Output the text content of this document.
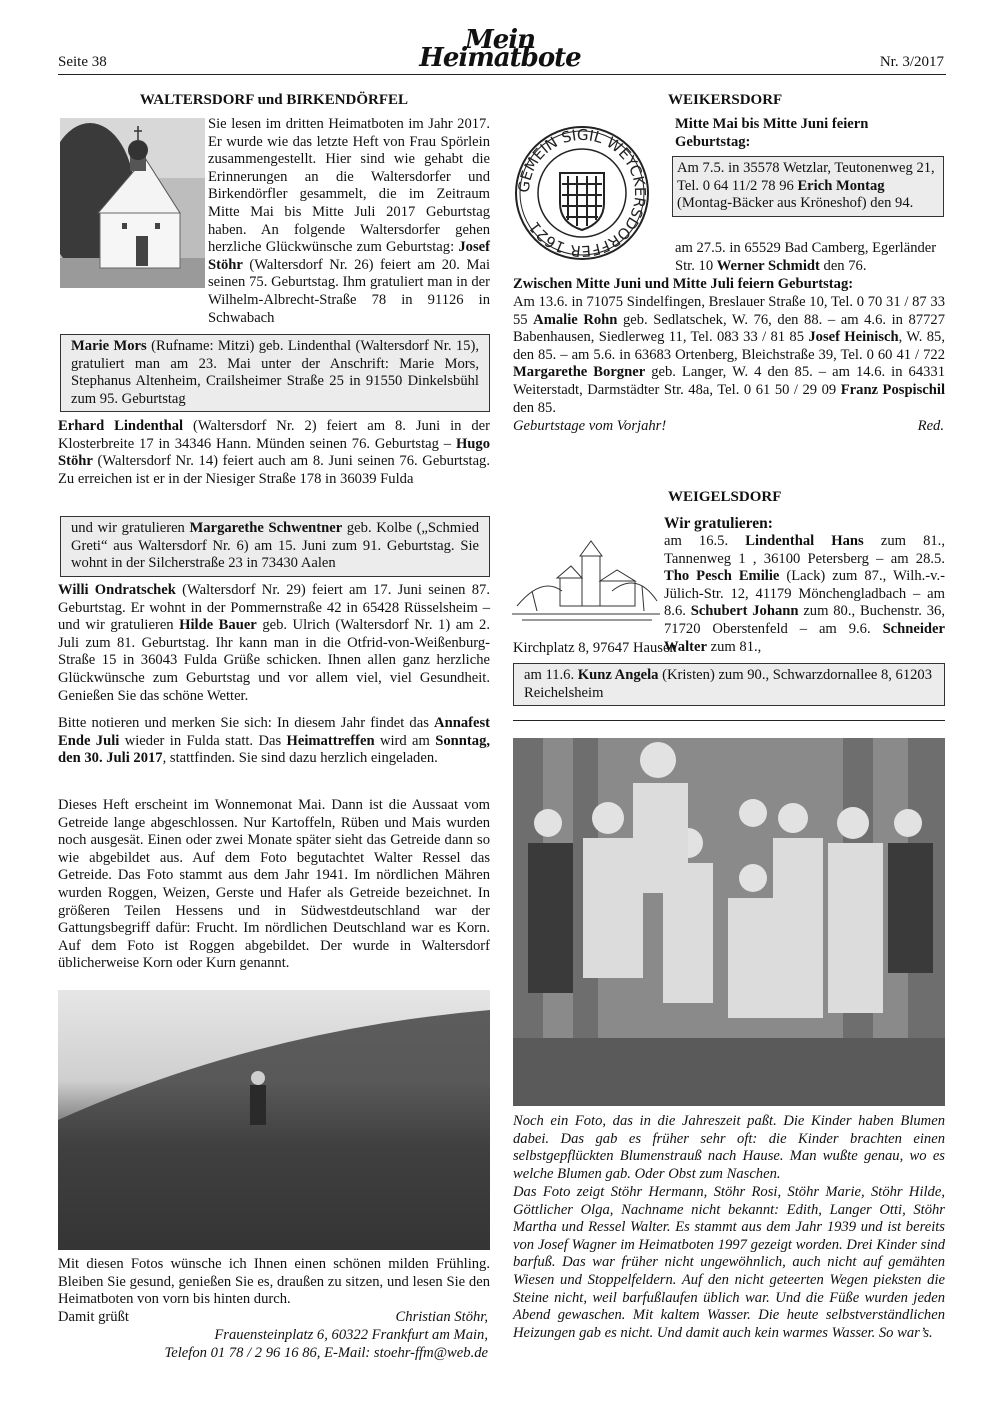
Seite 38
Mein Heimatbote	Nr. 3/2017
WALTERSDORF und BIRKENDÖRFEL

Sie lesen im dritten Heimatboten im Jahr 2017. Er wurde wie das letzte Heft von Frau Spörlein zusammengestellt. Hier sind wie gehabt die Erinnerungen an die Waltersdorfer und Birkendörfler gesammelt, die im Zeitraum Mitte Mai bis Mitte Juli 2017 Geburtstag haben. An folgende Waltersdorfer gehen herzliche Glückwünsche zum Geburtstag: Josef Stöhr (Waltersdorf Nr. 26) feiert am 20. Mai seinen 75. Geburtstag. Ihm gratuliert man in der Wilhelm-Albrecht-Straße 78 in 91126 in Schwabach

Marie Mors (Rufname: Mitzi) geb. Lindenthal (Waltersdorf Nr. 15), gratuliert man am 23. Mai unter der Anschrift: Marie Mors, Stephanus Altenheim, Crailsheimer Straße 25 in 91550 Dinkelsbühl zum 95. Geburtstag

Erhard Lindenthal (Waltersdorf Nr. 2) feiert am 8. Juni in der Klosterbreite 17 in 34346 Hann. Münden seinen 76. Geburtstag – Hugo Stöhr (Waltersdorf Nr. 14) feiert auch am 8. Juni seinen 76. Geburtstag. Zu erreichen ist er in der Niesiger Straße 178 in 36039 Fulda

und wir gratulieren Margarethe Schwentner geb. Kolbe („Schmied Greti“ aus Waltersdorf Nr. 6) am 15. Juni zum 91. Geburtstag. Sie wohnt in der Silcherstraße 23 in 73430 Aalen

Willi Ondratschek (Waltersdorf Nr. 29) feiert am 17. Juni seinen 87. Geburtstag. Er wohnt in der Pommernstraße 42 in 65428 Rüsselsheim – und wir gratulieren Hilde Bauer geb. Ulrich (Waltersdorf Nr. 1) am 2. Juli zum 81. Geburtstag. Ihr kann man in die Otfrid-von-Weißenburg-Straße 15 in 36043 Fulda Grüße schicken. Ihnen allen ganz herzliche Glückwünsche zum Geburtstag und vor allem viel, viel Gesundheit. Genießen Sie das schöne Wetter.

Bitte notieren und merken Sie sich: In diesem Jahr findet das Annafest Ende Juli wieder in Fulda statt. Das Heimattreffen wird am Sonntag, den 30. Juli 2017, stattfinden. Sie sind dazu herzlich eingeladen.

Dieses Heft erscheint im Wonnemonat Mai. Dann ist die Aussaat vom Getreide lange abgeschlossen. Nur Kartoffeln, Rüben und Mais wurden noch ausgesät. Einen oder zwei Monate später sieht das Getreide dann so wie abgebildet aus. Auf dem Foto begutachtet Walter Ressel das Getreide. Das Foto stammt aus dem Jahr 1941. Im nördlichen Mähren wurden Roggen, Weizen, Gerste und Hafer als Getreide bezeichnet. In größeren Teilen Hessens und in Südwestdeutschland war der Gattungsbegriff dafür: Frucht. Im nördlichen Deutschland war es Korn. Auf dem Foto ist Roggen abgebildet. Der wurde in Waltersdorf üblicherweise Korn oder Kurn genannt.

Mit diesen Fotos wünsche ich Ihnen einen schönen milden Frühling. Bleiben Sie gesund, genießen Sie es, draußen zu sitzen, und lesen Sie den Heimatboten von vorn bis hinten durch.

Damit grüßt	Christian Stöhr,
Frauensteinplatz 6, 60322 Frankfurt am Main,
Telefon 01 78 / 2 96 16 86, E-Mail: stoehr-ffm@web.de
WEIKERSDORF
GEMEIN SIGIL WEYCKERSDORFFER 1621
Mitte Mai bis Mitte Juni feiern Geburtstag:
Am 7.5. in 35578 Wetzlar, Teutonenweg 21, Tel. 0 64 11/2 78 96 Erich Montag (Montag-Bäcker aus Kröneshof) den 94.

am 27.5. in 65529 Bad Camberg, Egerländer Str. 10 Werner Schmidt den 76.

Zwischen Mitte Juni und Mitte Juli feiern Geburtstag:

Am 13.6. in 71075 Sindelfingen, Breslauer Straße 10, Tel. 0 70 31 / 87 33 55 Amalie Rohn geb. Sedlatschek, W. 76, den 88. – am 4.6. in 87727 Babenhausen, Siedlerweg 11, Tel. 083 33 / 81 85 Josef Heinisch, W. 85, den 85. – am 5.6. in 63683 Ortenberg, Bleichstraße 39, Tel. 0 60 41 / 722 Margarethe Borgner geb. Langer, W. 4 den 85. – am 14.6. in 64331 Weiterstadt, Darmstädter Str. 48a, Tel. 0 61 50 / 29 09 Franz Pospischil den 85.

Geburtstage vom Vorjahr!	Red.
WEIGELSDORF
Wir gratulieren:

am 16.5. Lindenthal Hans zum 81., Tannenweg 1 , 36100 Petersberg – am 28.5. Tho Pesch Emilie (Lack) zum 87., Wilh.-v.-Jülich-Str. 12, 41179 Mönchengladbach – am 8.6. Schubert Johann zum 80., Buchenstr. 36, 71720 Oberstenfeld – am 9.6. Schneider Walter zum 81.,

Kirchplatz 8, 97647 Hausen
am 11.6. Kunz Angela (Kristen) zum 90., Schwarzdornallee 8, 61203 Reichelsheim

Noch ein Foto, das in die Jahreszeit paßt. Die Kinder haben Blumen dabei. Das gab es früher sehr oft: die Kinder brachten einen selbstgepflückten Blumenstrauß nach Hause. Man wußte genau, wo es welche Blumen gab. Oder Obst zum Naschen.

Das Foto zeigt Stöhr Hermann, Stöhr Rosi, Stöhr Marie, Stöhr Hilde, Göttlicher Olga, Nachname nicht bekannt: Edith, Langer Otti, Stöhr Martha und Ressel Walter. Es stammt aus dem Jahr 1939 und ist bereits von Josef Wagner im Heimatboten 1997 gezeigt worden. Drei Kinder sind barfuß. Das war früher nicht ungewöhnlich, auch nicht auf gemähten Wiesen und Stoppelfeldern. Auf den nicht geteerten Wegen pieksten die Steine nicht, weil barfußlaufen üblich war. Und die Füße wurden jeden Abend gewaschen. Mit kaltem Wasser. Die heute selbstverständlichen Heizungen gab es nicht. Und damit auch kein warmes Wasser. So war’s.
